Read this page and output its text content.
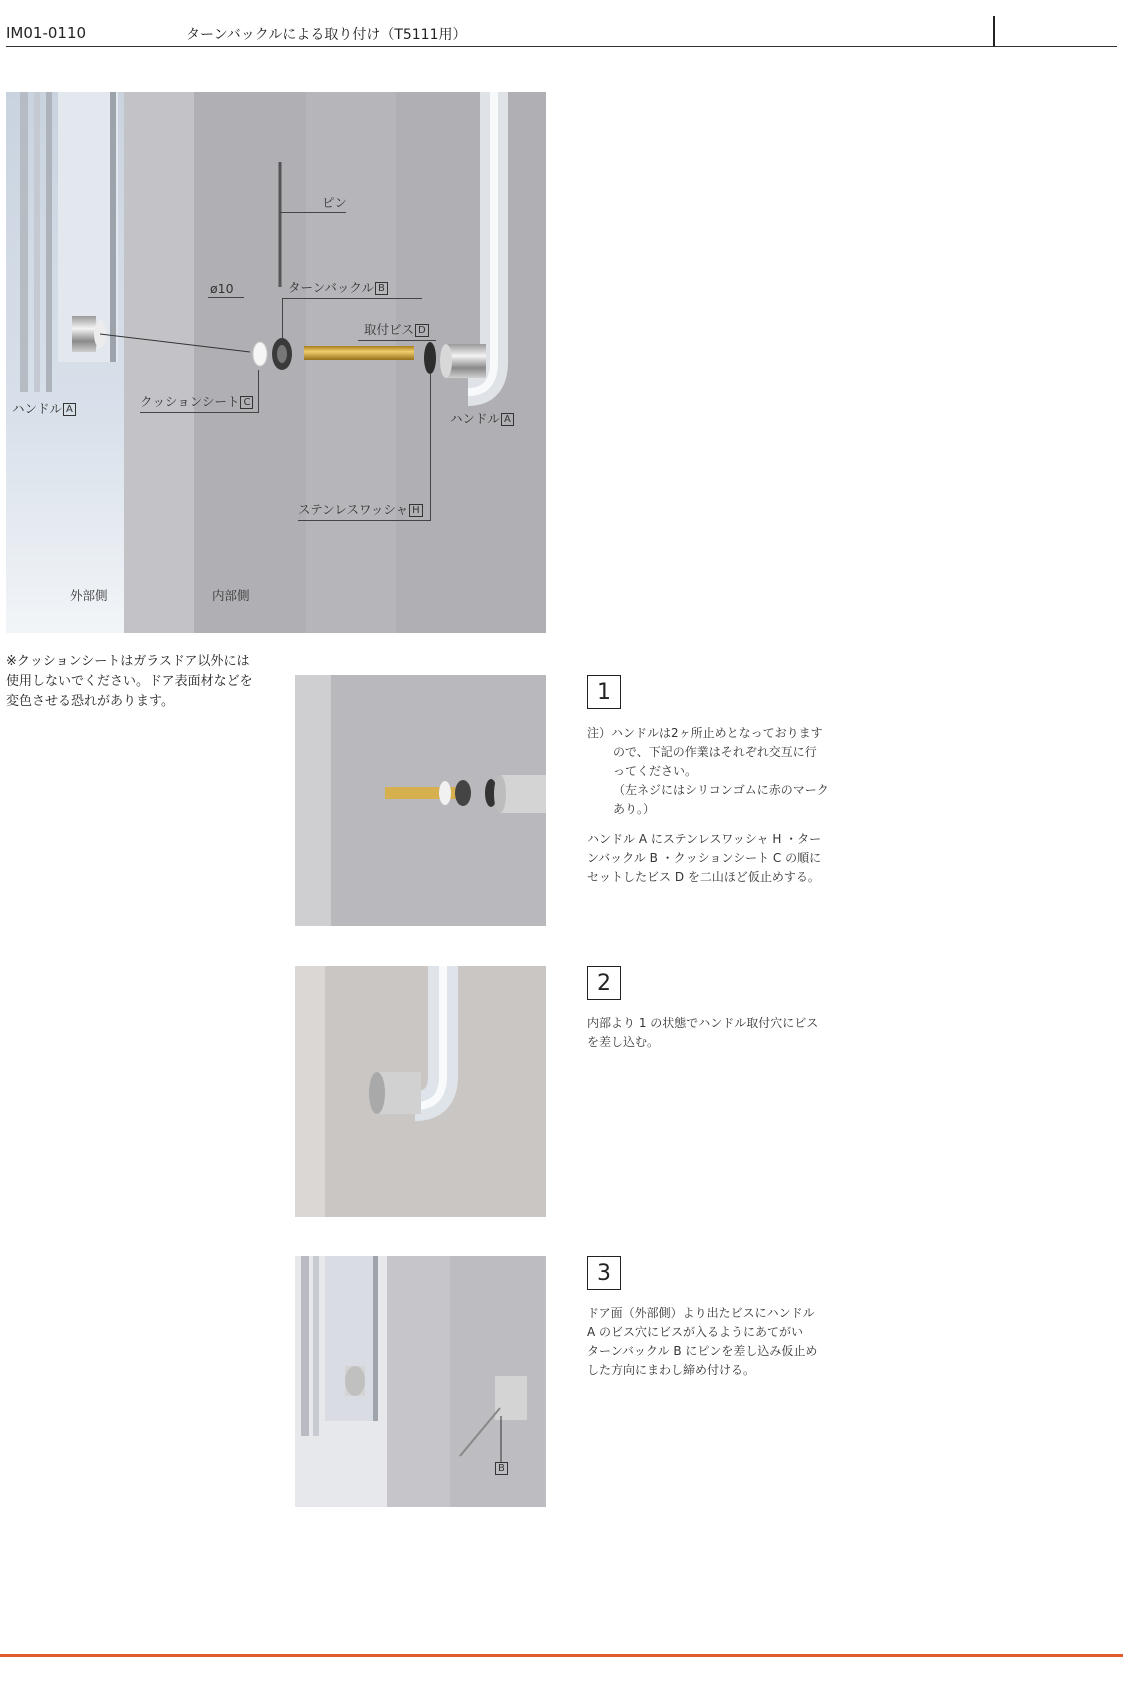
IM01-0110	ターンバックルによる取り付け（T5111用）
ピン
ø10	ターンバックル B
取付ビス D
クッションシート C
ハンドル A
ハンドル A
ステンレスワッシャ H
外部側	内部側
※クッションシートはガラスドア以外には
使用しないでください。ドア表面材などを
変色させる恐れがあります。	1
注）ハンドルは2ヶ所止めとなっております
ので、下記の作業はそれぞれ交互に行
ってください。
（左ネジにはシリコンゴムに赤のマーク
あり。）
ハンドル A にステンレスワッシャ H ・ター
ンバックル B ・クッションシート C の順に
セットしたビス D を二山ほど仮止めする。
2
内部より 1 の状態でハンドル取付穴にビス
を差し込む。
B
3
ドア面（外部側）より出たビスにハンドル
A のビス穴にビスが入るようにあてがい
ターンバックル B にピンを差し込み仮止め
した方向にまわし締め付ける。
